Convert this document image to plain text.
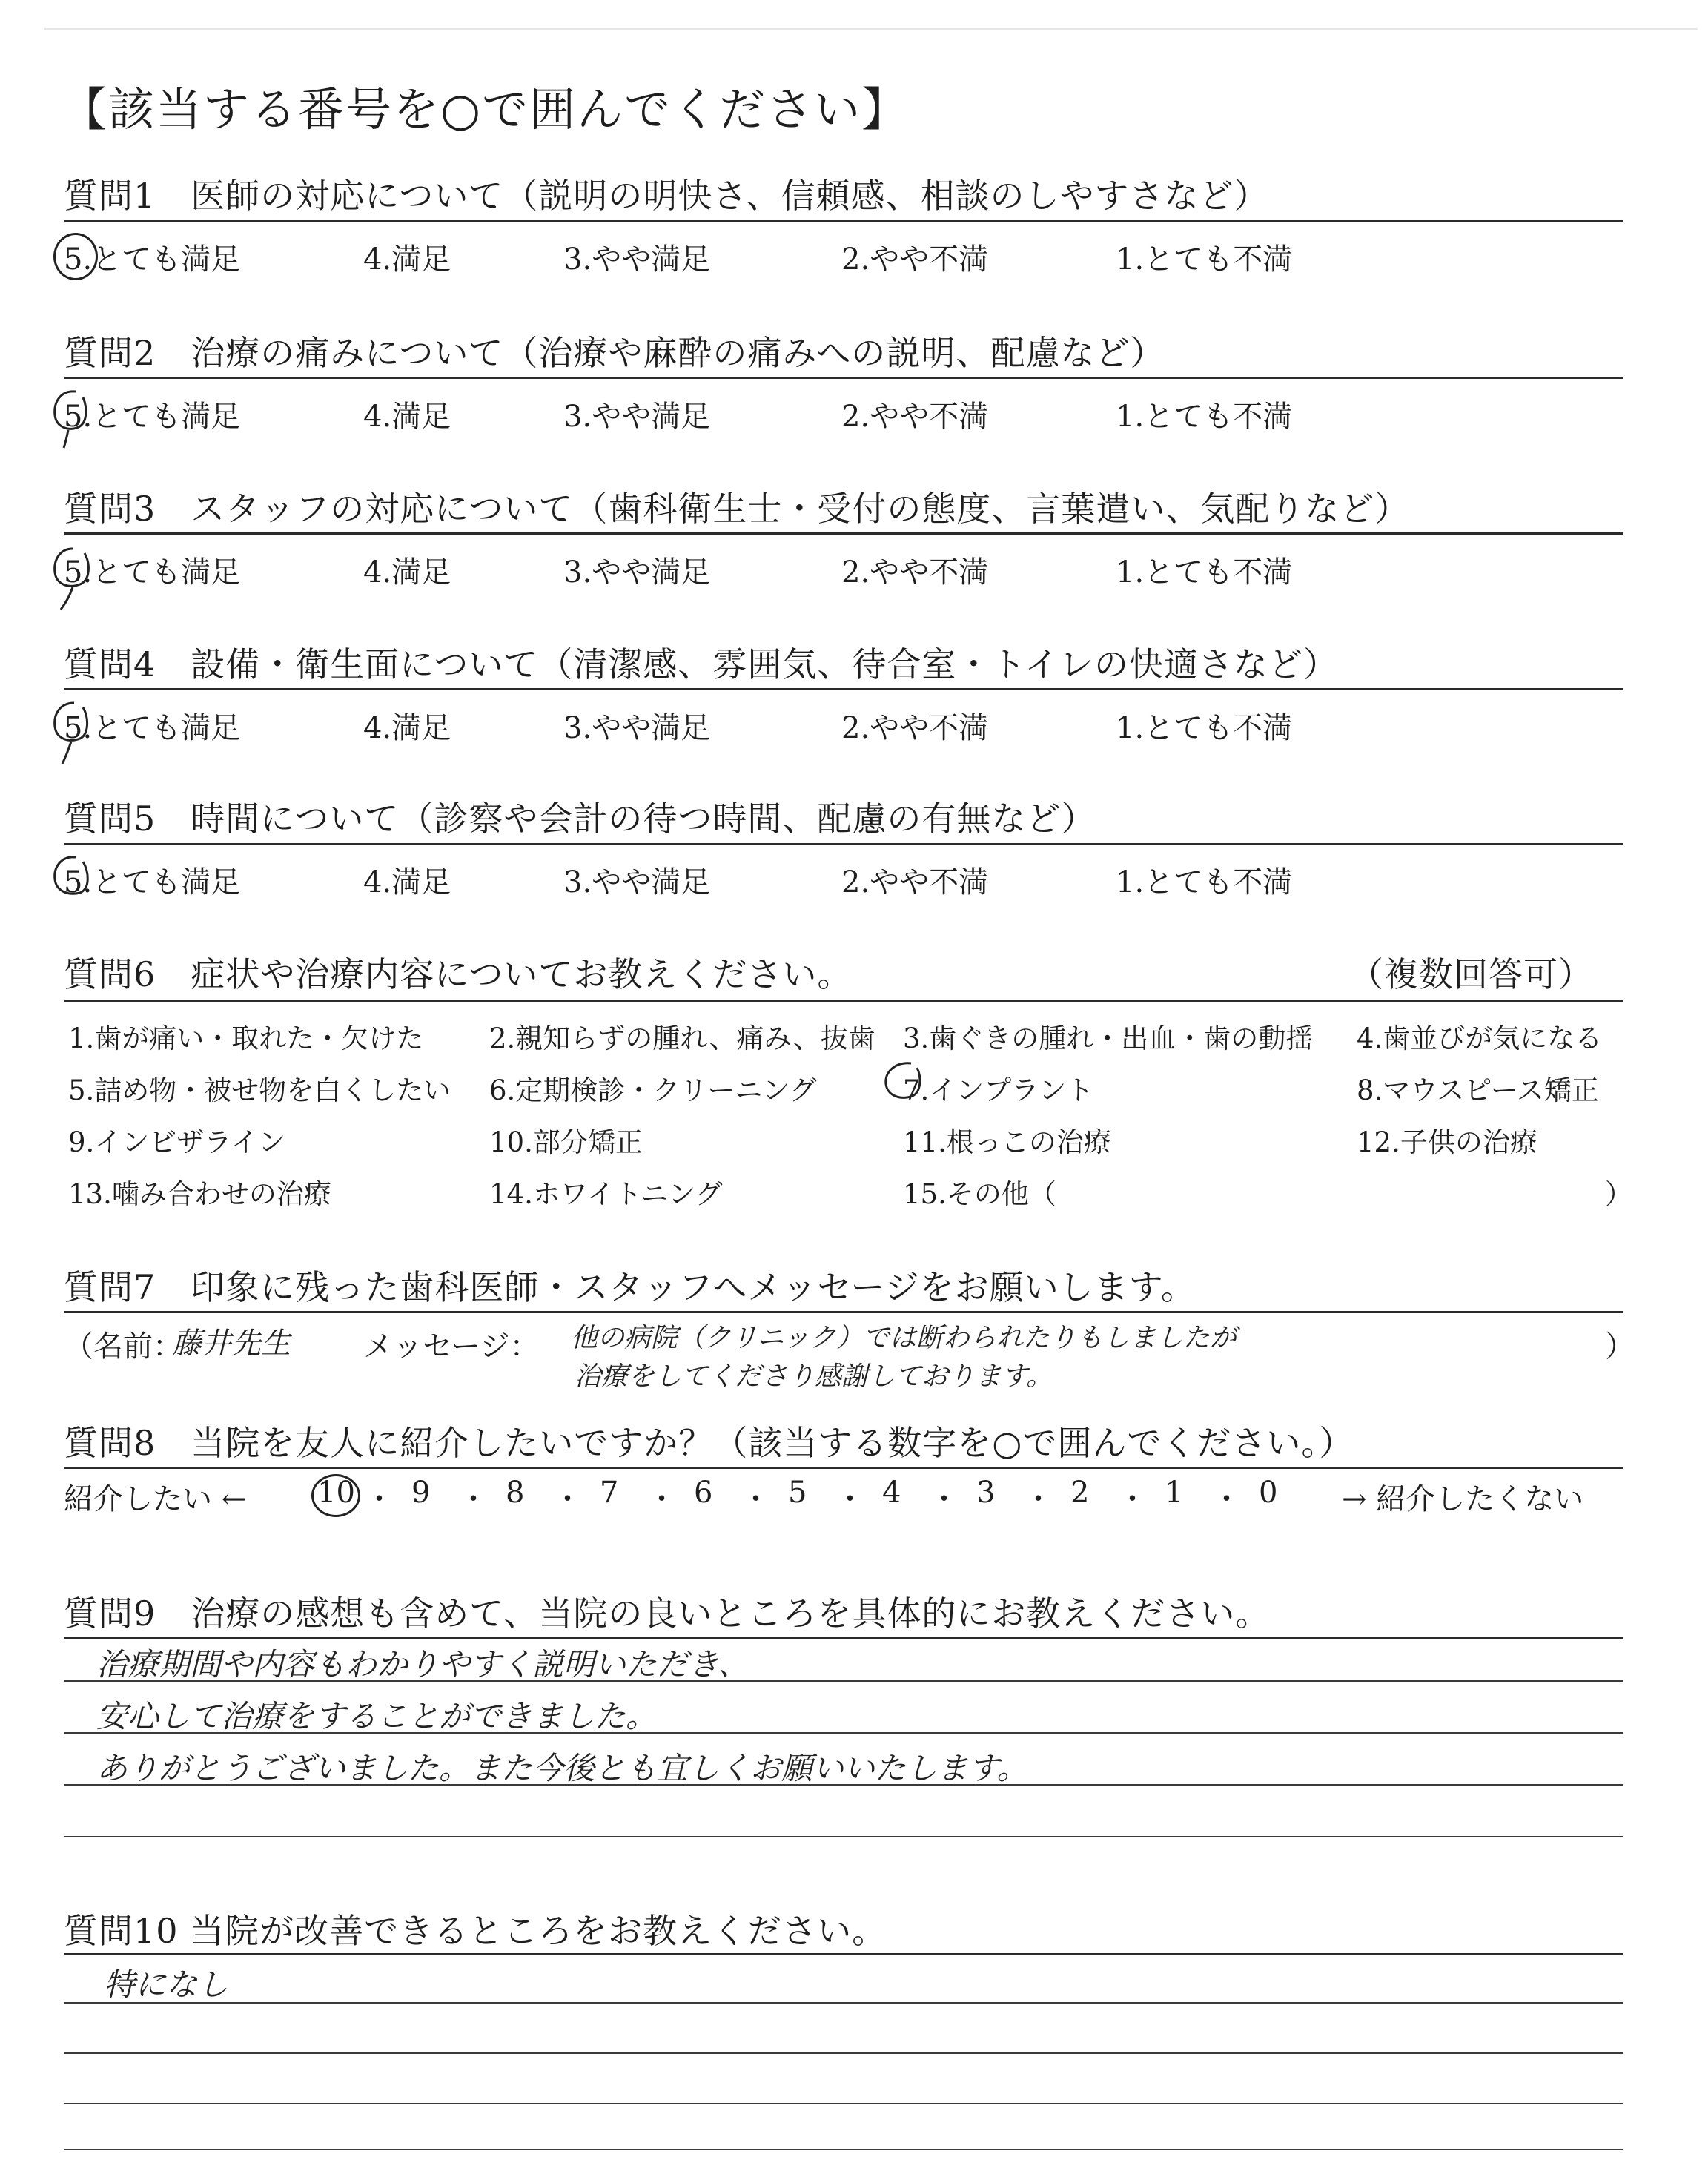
【該当する番号を○で囲んでください】
質問1　医師の対応について（説明の明快さ、信頼感、相談のしやすさなど）
5.とても満足	4.満足	3.やや満足	2.やや不満	1.とても不満
質問2　治療の痛みについて（治療や麻酔の痛みへの説明、配慮など）
5.とても満足	4.満足	3.やや満足	2.やや不満	1.とても不満
質問3　スタッフの対応について（歯科衛生士・受付の態度、言葉遣い、気配りなど）
5.とても満足	4.満足	3.やや満足	2.やや不満	1.とても不満
質問4　設備・衛生面について（清潔感、雰囲気、待合室・トイレの快適さなど）
5.とても満足	4.満足	3.やや満足	2.やや不満	1.とても不満
質問5　時間について（診察や会計の待つ時間、配慮の有無など）
5.とても満足	4.満足	3.やや満足	2.やや不満	1.とても不満
質問6　症状や治療内容についてお教えください。	（複数回答可）
1.歯が痛い・取れた・欠けた 2.親知らずの腫れ、痛み、抜歯 3.歯ぐきの腫れ・出血・歯の動揺 4.歯並びが気になる
5.詰め物・被せ物を白くしたい 6.定期検診・クリーニング	7.インプラント	8.マウスピース矯正
9.インビザライン	10.部分矯正	11.根っこの治療	12.子供の治療
13.噛み合わせの治療	14.ホワイトニング	15.その他（	）
質問7　印象に残った歯科医師・スタッフへメッセージをお願いします。
（名前：
藤井先生 メッセージ： 他の病院（クリニック）では断わられたりもしましたが
治療をしてくださり感謝しております。
）
質問8　当院を友人に紹介したいですか？（該当する数字を○で囲んでください。）
紹介したい ←	→ 紹介したくない
10 ・ 9 ・ 8 ・ 7 ・ 6 ・ 5 ・ 4 ・ 3 ・ 2 ・ 1 ・ 0
質問9　治療の感想も含めて、当院の良いところを具体的にお教えください。
治療期間や内容もわかりやすく説明いただき、
安心して治療をすることができました。
ありがとうございました。また今後とも宜しくお願いいたします。
質問10 当院が改善できるところをお教えください。
特になし
